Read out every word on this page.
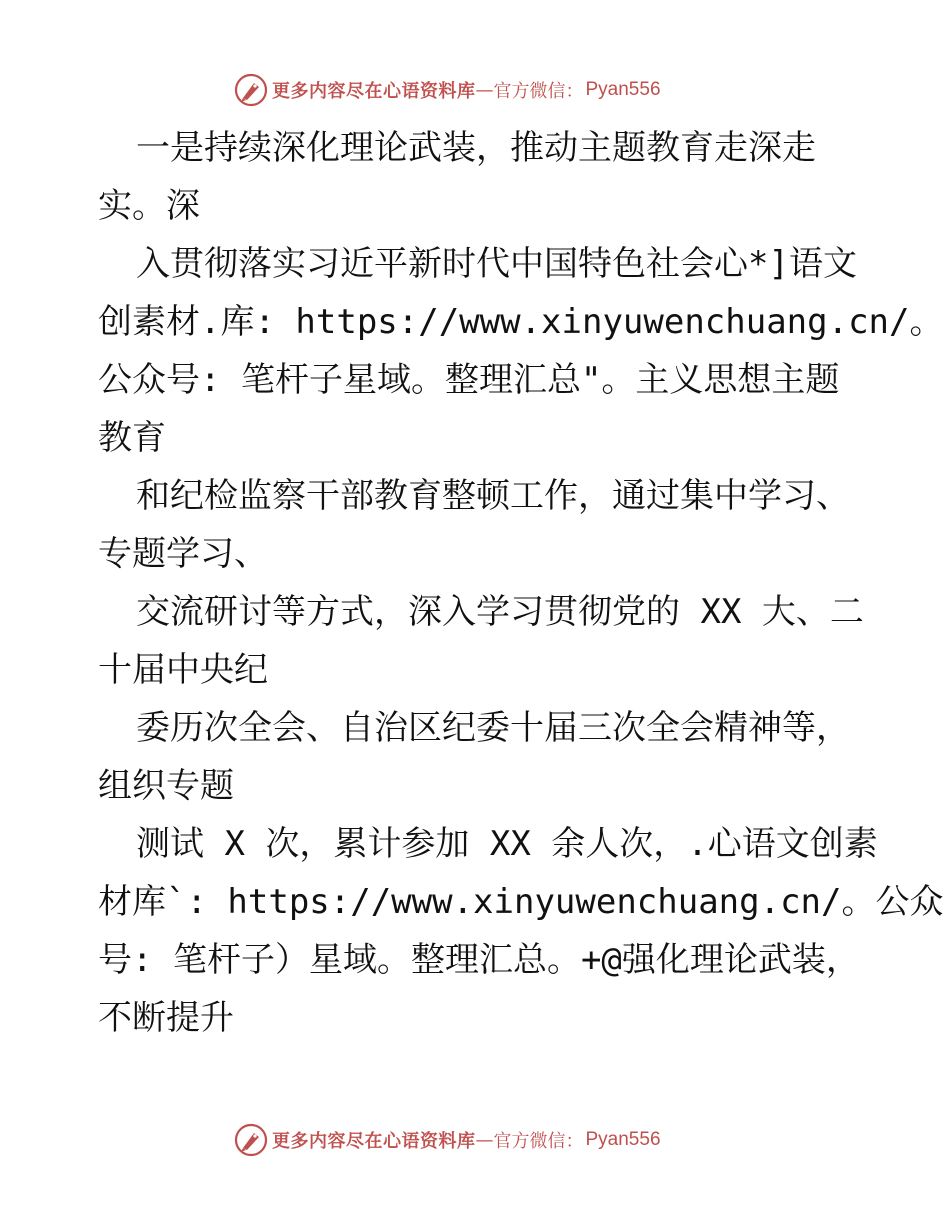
更多内容尽在心语资料库 — 官方微信： Pyan556
一是持续深化理论武装，推动主题教育走深走
实。深
入贯彻落实习近平新时代中国特色社会心*]语文
创素材.库: https://www.xinyuwenchuang.cn/。
公众号: 笔杆子星域。整理汇总"。主义思想主题
教育
和纪检监察干部教育整顿工作，通过集中学习、
专题学习、
交流研讨等方式，深入学习贯彻党的 XX 大、二
十届中央纪
委历次全会、自治区纪委十届三次全会精神等，
组织专题
测试 X 次，累计参加 XX 余人次，.心语文创素
材库`: https://www.xinyuwenchuang.cn/。公众
号: 笔杆子）星域。整理汇总。+@强化理论武装，
不断提升
更多内容尽在心语资料库 — 官方微信： Pyan556
